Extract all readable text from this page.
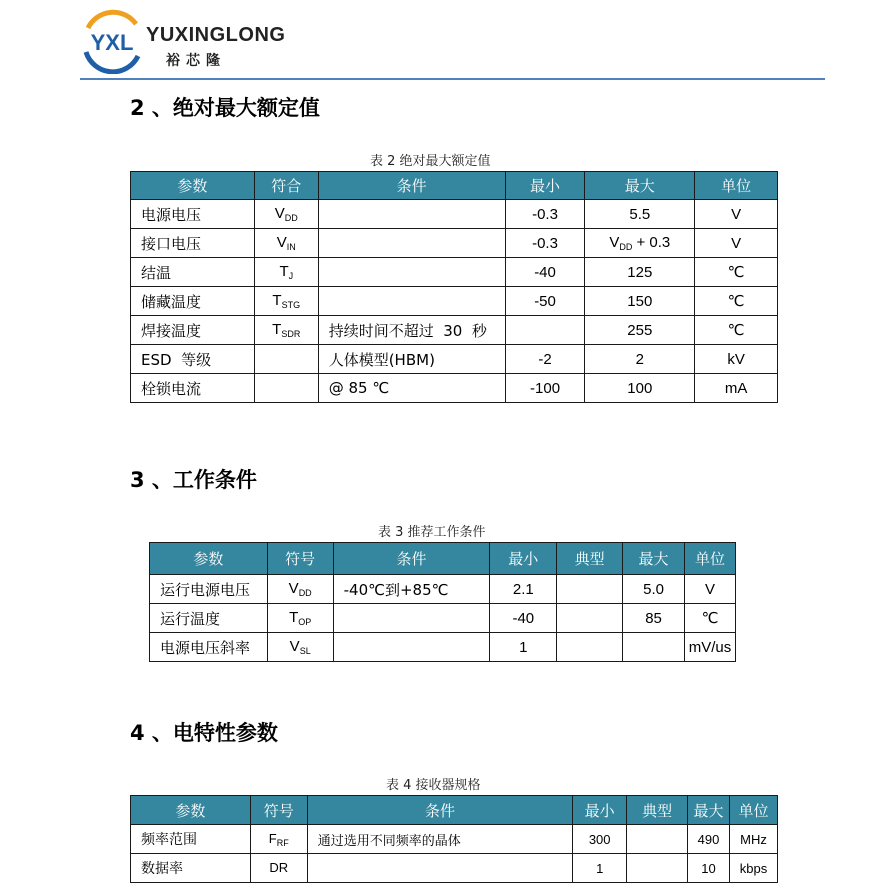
YXL YUXINGLONG
裕芯隆
2 、绝对最大额定值
表 2 绝对最大额定值
参数	符合	条件	最小	最大	单位
电源电压	$V_{DD}$		-0.3	5.5	V
接口电压	$V_{IN}$		-0.3	$V_{DD} + 0.3$	V
结温	$T_J$		-40	125	℃
储藏温度	$T_{STG}$		-50	150	℃
焊接温度	$T_{SDR}$	持续时间不超过  30  秒		255	℃
ESD  等级		人体模型(HBM)	-2	2	kV
栓锁电流		@ 85 ℃	-100	100	mA
3 、工作条件
表 3 推荐工作条件
参数	符号	条件	最小	典型	最大	单位
运行电源电压	$V_{DD}$	-40℃到+85℃	2.1		5.0	V
运行温度	$T_{OP}$		-40		85	℃
电源电压斜率	$V_{SL}$		1			mV/us
4 、电特性参数
表 4 接收器规格
参数	符号	条件	最小	典型	最大	单位
频率范围	$F_{RF}$	通过选用不同频率的晶体	300		490	MHz
数据率	DR		1		10	kbps
